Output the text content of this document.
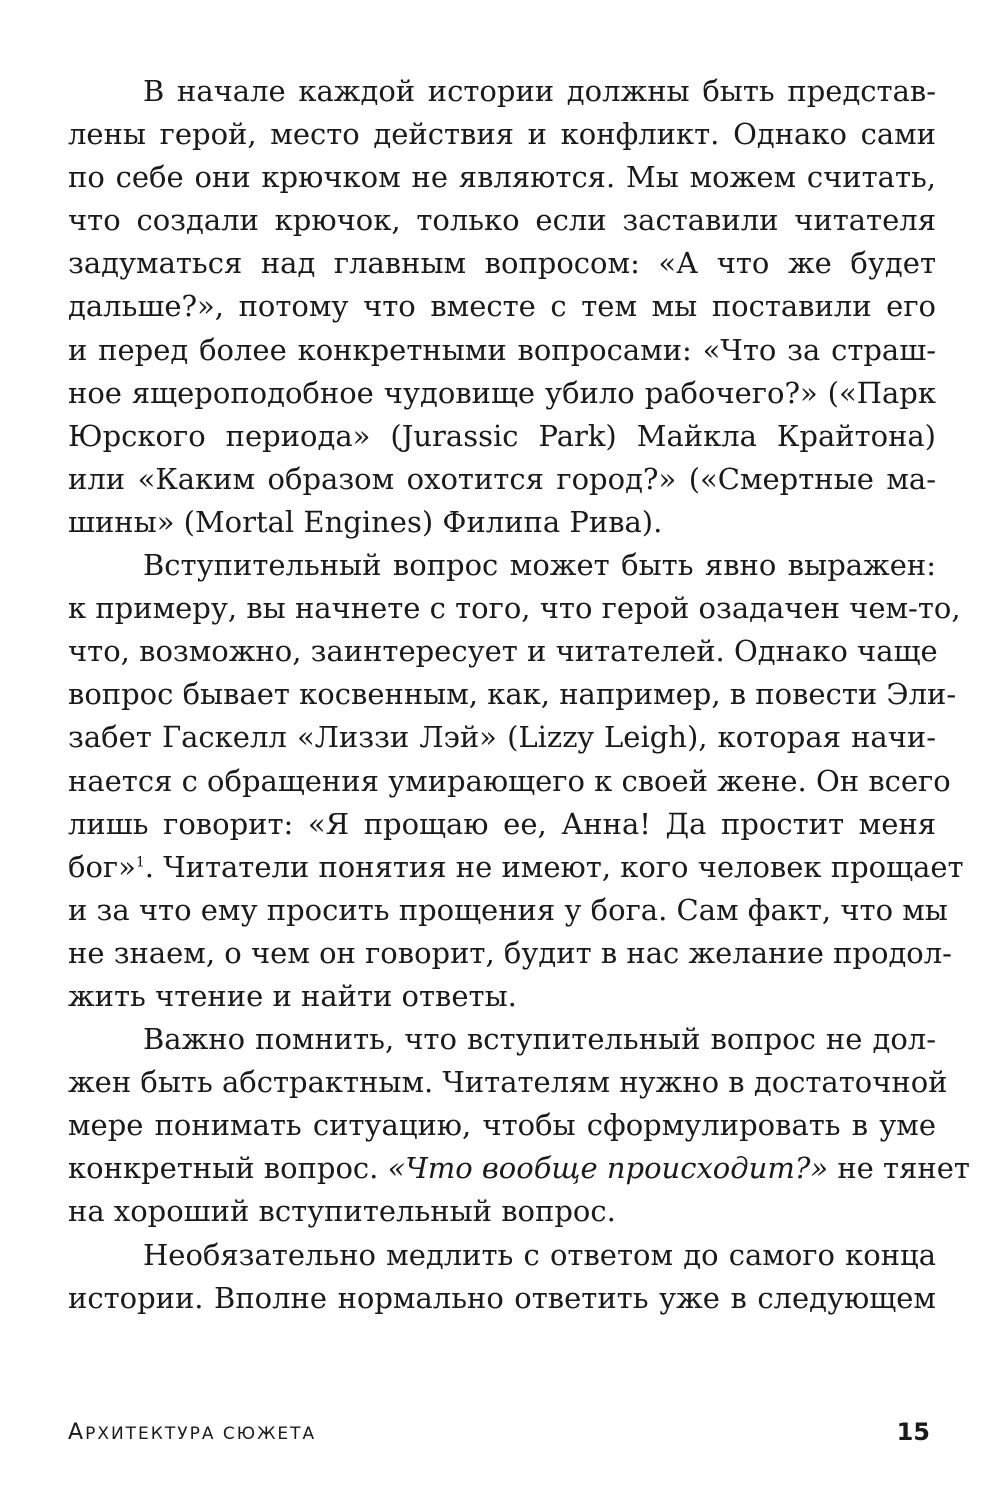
В начале каждой истории должны быть представ-
лены герой, место действия и конфликт. Однако сами
по себе они крючком не являются. Мы можем считать,
что создали крючок, только если заставили читателя
задуматься над главным вопросом: «А что же будет
дальше?», потому что вместе с тем мы поставили его
и перед более конкретными вопросами: «Что за страш-
ное ящероподобное чудовище убило рабочего?» («Парк
Юрского периода» (Jurassic Park) Майкла Крайтона)
или «Каким образом охотится город?» («Смертные ма-
шины» (Mortal Engines) Филипа Рива).
Вступительный вопрос может быть явно выражен:
к примеру, вы начнете с того, что герой озадачен чем-то,
что, возможно, заинтересует и читателей. Однако чаще
вопрос бывает косвенным, как, например, в повести Эли-
забет Гаскелл «Лиззи Лэй» (Lizzy Leigh), которая начи-
нается с обращения умирающего к своей жене. Он всего
лишь говорит: «Я прощаю ее, Анна! Да простит меня
бог»$^1$. Читатели понятия не имеют, кого человек прощает
и за что ему просить прощения у бога. Сам факт, что мы
не знаем, о чем он говорит, будит в нас желание продол-
жить чтение и найти ответы.
Важно помнить, что вступительный вопрос не дол-
жен быть абстрактным. Читателям нужно в достаточной
мере понимать ситуацию, чтобы сформулировать в уме
конкретный вопрос. «Что вообще происходит?» не тянет
на хороший вступительный вопрос.
Необязательно медлить с ответом до самого конца
истории. Вполне нормально ответить уже в следующем
АРХИТЕКТУРА СЮЖЕТА	15
